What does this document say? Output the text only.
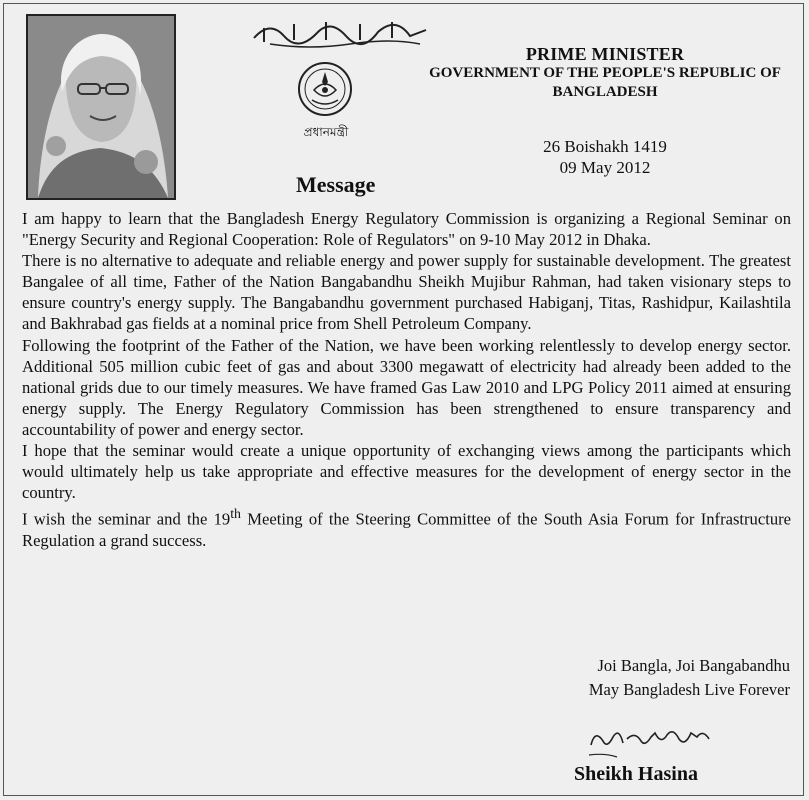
প্রধানমন্ত্রী
PRIME MINISTER
GOVERNMENT OF THE PEOPLE'S REPUBLIC OF
BANGLADESH
26 Boishakh 1419
09 May 2012
Message

I am happy to learn that the Bangladesh Energy Regulatory Commission is organizing a Regional Seminar on "Energy Security and Regional Cooperation: Role of Regulators" on 9-10 May 2012 in Dhaka.

There is no alternative to adequate and reliable energy and power supply for sustainable development. The greatest Bangalee of all time, Father of the Nation Bangabandhu Sheikh Mujibur Rahman, had taken visionary steps to ensure country's energy supply. The Bangabandhu government purchased Habiganj, Titas, Rashidpur, Kailashtila and Bakhrabad gas fields at a nominal price from Shell Petroleum Company.

Following the footprint of the Father of the Nation, we have been working relentlessly to develop energy sector. Additional 505 million cubic feet of gas and about 3300 megawatt of electricity had already been added to the national grids due to our timely measures. We have framed Gas Law 2010 and LPG Policy 2011 aimed at ensuring energy supply. The Energy Regulatory Commission has been strengthened to ensure transparency and accountability of power and energy sector.

I hope that the seminar would create a unique opportunity of exchanging views among the participants which would ultimately help us take appropriate and effective measures for the development of energy sector in the country.

I wish the seminar and the 19th Meeting of the Steering Committee of the South Asia Forum for Infrastructure Regulation a grand success.

Joi Bangla, Joi Bangabandhu
May Bangladesh Live Forever
Sheikh Hasina
